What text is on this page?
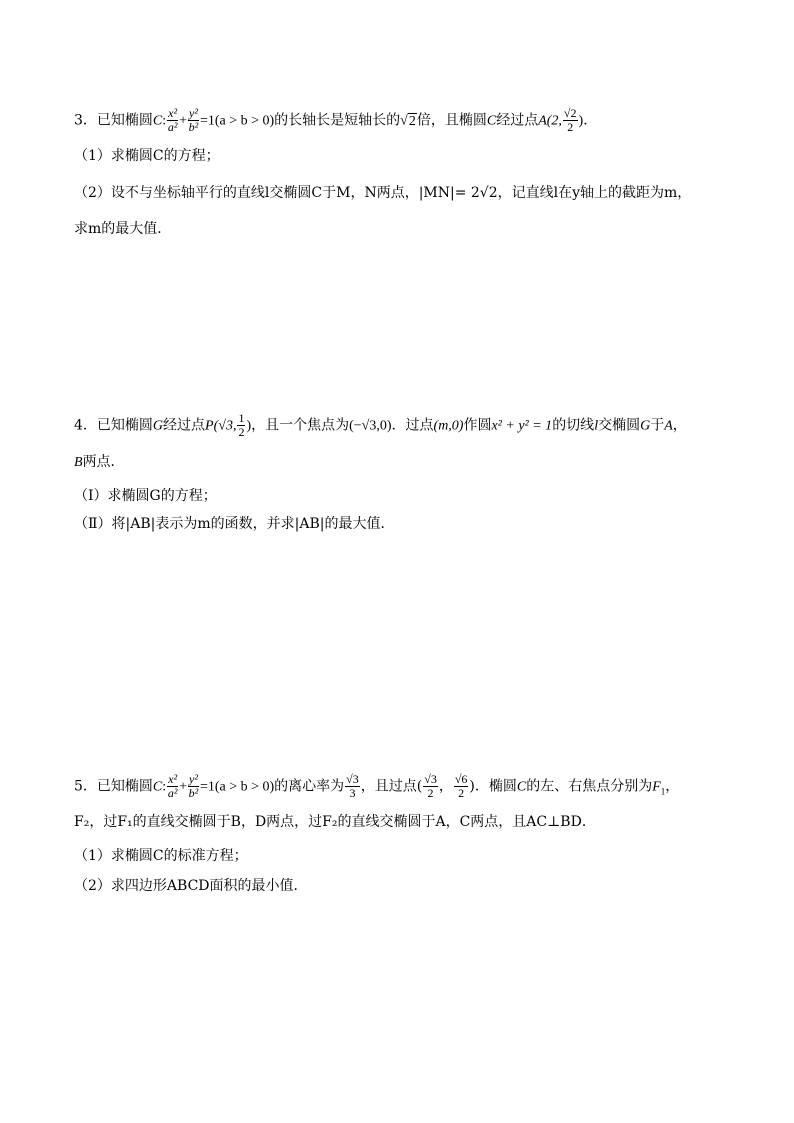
3．已知椭圆C: $\frac{\text{x²}}{\text{a²}} + \frac{\text{y²}}{\text{b²}} =1(a > b > 0)$的长轴长是短轴长的√2倍，且椭圆C经过点A(2, $\frac{√2}{2}$ )．
（1）求椭圆C的方程；
（2）设不与坐标轴平行的直线l交椭圆C于M，N两点，|MN|= 2√2，记直线l在y轴上的截距为m，
求m的最大值．
4．已知椭圆G经过点P(√3, $\frac{1}{2}$ )，且一个焦点为(−√3,0)．过点(m,0)作圆x² + y² = 1的切线l交椭圆G于A，
B两点．
（Ⅰ）求椭圆G的方程；
（Ⅱ）将|AB|表示为m的函数，并求|AB|的最大值．
5．已知椭圆C: $\frac{\text{x²}}{\text{a²}} + \frac{\text{y²}}{\text{b²}} =1(a > b > 0)$的离心率为 $\frac{√3}{3}$ ，且过点( $\frac{√3}{2}$ ， $\frac{√6}{2}$ )．椭圆C的左、右焦点分别为$F_1$，
F₂，过F₁的直线交椭圆于B，D两点，过F₂的直线交椭圆于A，C两点，且AC⊥BD．
（1）求椭圆C的标准方程；
（2）求四边形ABCD面积的最小值．
